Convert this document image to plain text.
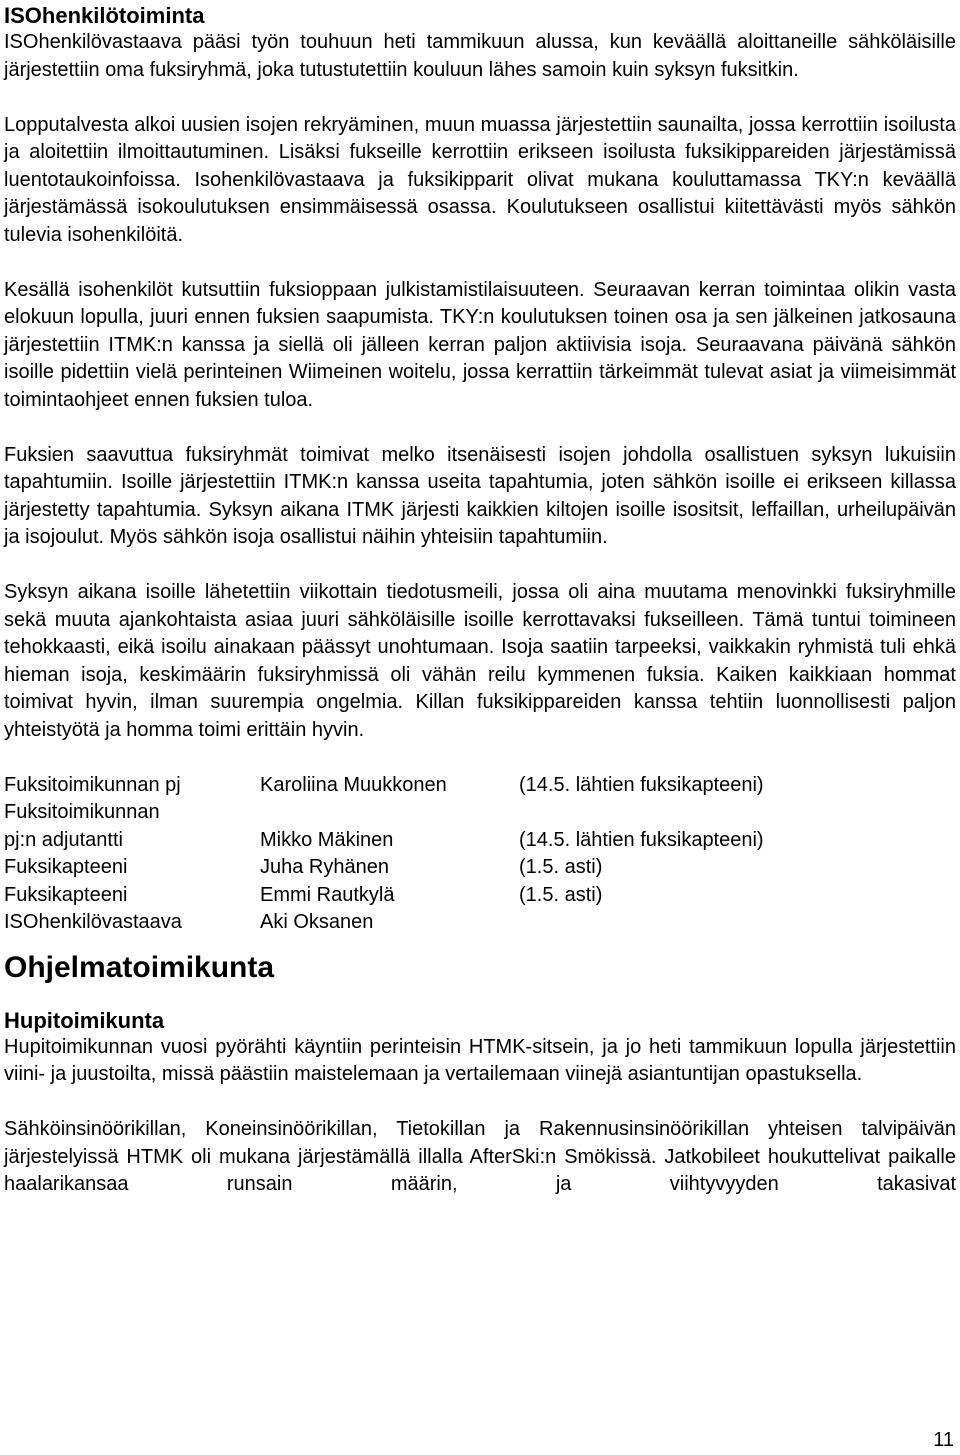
ISOhenkilötoiminta

ISOhenkilövastaava pääsi työn touhuun heti tammikuun alussa, kun keväällä aloittaneille sähköläisille järjestettiin oma fuksiryhmä, joka tutustutettiin kouluun lähes samoin kuin syksyn fuksitkin.

Lopputalvesta alkoi uusien isojen rekryäminen, muun muassa järjestettiin saunailta, jossa kerrottiin isoilusta ja aloitettiin ilmoittautuminen. Lisäksi fukseille kerrottiin erikseen isoilusta fuksikippareiden järjestämissä luentotaukoinfoissa. Isohenkilövastaava ja fuksikipparit olivat mukana kouluttamassa TKY:n keväällä järjestämässä isokoulutuksen ensimmäisessä osassa. Koulutukseen osallistui kiitettävästi myös sähkön tulevia isohenkilöitä.

Kesällä isohenkilöt kutsuttiin fuksioppaan julkistamistilaisuuteen. Seuraavan kerran toimintaa olikin vasta elokuun lopulla, juuri ennen fuksien saapumista. TKY:n koulutuksen toinen osa ja sen jälkeinen jatkosauna järjestettiin ITMK:n kanssa ja siellä oli jälleen kerran paljon aktiivisia isoja. Seuraavana päivänä sähkön isoille pidettiin vielä perinteinen Wiimeinen woitelu, jossa kerrattiin tärkeimmät tulevat asiat ja viimeisimmät toimintaohjeet ennen fuksien tuloa.

Fuksien saavuttua fuksiryhmät toimivat melko itsenäisesti isojen johdolla osallistuen syksyn lukuisiin tapahtumiin. Isoille järjestettiin ITMK:n kanssa useita tapahtumia, joten sähkön isoille ei erikseen killassa järjestetty tapahtumia. Syksyn aikana ITMK järjesti kaikkien kiltojen isoille isositsit, leffaillan, urheilupäivän ja isojoulut. Myös sähkön isoja osallistui näihin yhteisiin tapahtumiin.

Syksyn aikana isoille lähetettiin viikottain tiedotusmeili, jossa oli aina muutama menovinkki fuksiryhmille sekä muuta ajankohtaista asiaa juuri sähköläisille isoille kerrottavaksi fukseilleen. Tämä tuntui toimineen tehokkaasti, eikä isoilu ainakaan päässyt unohtumaan. Isoja saatiin tarpeeksi, vaikkakin ryhmistä tuli ehkä hieman isoja, keskimäärin fuksiryhmissä oli vähän reilu kymmenen fuksia. Kaiken kaikkiaan hommat toimivat hyvin, ilman suurempia ongelmia. Killan fuksikippareiden kanssa tehtiin luonnollisesti paljon yhteistyötä ja homma toimi erittäin hyvin.

Fuksitoimikunnan pj	Karoliina Muukkonen	(14.5. lähtien fuksikapteeni)
Fuksitoimikunnan
pj:n adjutantti	Mikko Mäkinen	(14.5. lähtien fuksikapteeni)
Fuksikapteeni	Juha Ryhänen	(1.5. asti)
Fuksikapteeni	Emmi Rautkylä	(1.5. asti)
ISOhenkilövastaava	Aki Oksanen
Ohjelmatoimikunta
Hupitoimikunta

Hupitoimikunnan vuosi pyörähti käyntiin perinteisin HTMK-sitsein, ja jo heti tammikuun lopulla järjestettiin viini- ja juustoilta, missä päästiin maistelemaan ja vertailemaan viinejä asiantuntijan opastuksella.

Sähköinsinöörikillan, Koneinsinöörikillan, Tietokillan ja Rakennusinsinöörikillan yhteisen talvipäivän järjestelyissä HTMK oli mukana järjestämällä illalla AfterSki:n Smökissä. Jatkobileet houkuttelivat paikalle haalarikansaa runsain määrin, ja viihtyvyyden takasivat

11
